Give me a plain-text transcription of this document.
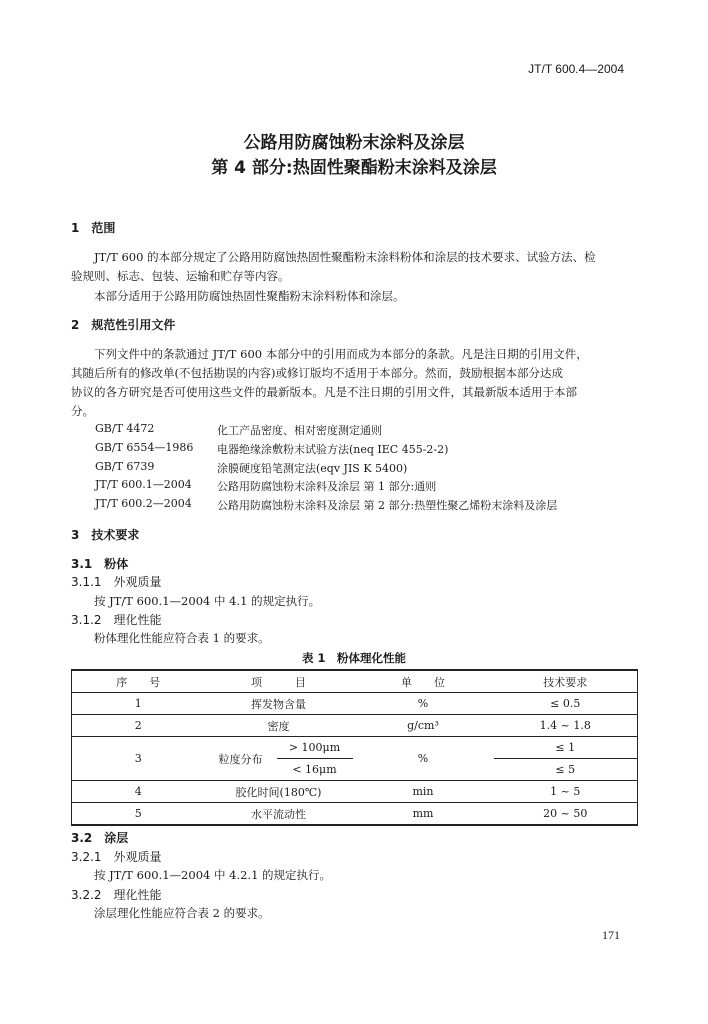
JT/T 600.4—2004
公路用防腐蚀粉末涂料及涂层
第 4 部分:热固性聚酯粉末涂料及涂层
1　范围
JT/T 600 的本部分规定了公路用防腐蚀热固性聚酯粉末涂料粉体和涂层的技术要求、试验方法、检
验规则、标志、包装、运输和贮存等内容。
本部分适用于公路用防腐蚀热固性聚酯粉末涂料粉体和涂层。
2　规范性引用文件
下列文件中的条款通过 JT/T 600 本部分中的引用而成为本部分的条款。凡是注日期的引用文件，
其随后所有的修改单(不包括勘误的内容)或修订版均不适用于本部分。然而，鼓励根据本部分达成
协议的各方研究是否可使用这些文件的最新版本。凡是不注日期的引用文件，其最新版本适用于本部
分。
GB/T 4472	化工产品密度、相对密度测定通则
GB/T 6554—1986 电器绝缘涂敷粉末试验方法(neq IEC 455-2-2)
GB/T 6739	涂膜硬度铅笔测定法(eqv JIS K 5400)
JT/T 600.1—2004 公路用防腐蚀粉末涂料及涂层 第 1 部分:通则
JT/T 600.2—2004 公路用防腐蚀粉末涂料及涂层 第 2 部分:热塑性聚乙烯粉末涂料及涂层
3　技术要求
3.1　粉体
3.1.1　外观质量
按 JT/T 600.1—2004 中 4.1 的规定执行。
3.1.2　理化性能
粉体理化性能应符合表 1 的要求。
表 1　粉体理化性能
序　　号	项　　　目		单　　位	技术要求
1	挥发物含量		%	≤ 0.5
2	密度		g/cm³	1.4 ~ 1.8
3	粒度分布	> 100μm	%	≤ 1
		< 16μm		≤ 5
4	胶化时间(180℃)		min	1 ~ 5
5	水平流动性		mm	20 ~ 50
3.2　涂层
3.2.1　外观质量
按 JT/T 600.1—2004 中 4.2.1 的规定执行。
3.2.2　理化性能
涂层理化性能应符合表 2 的要求。
171
